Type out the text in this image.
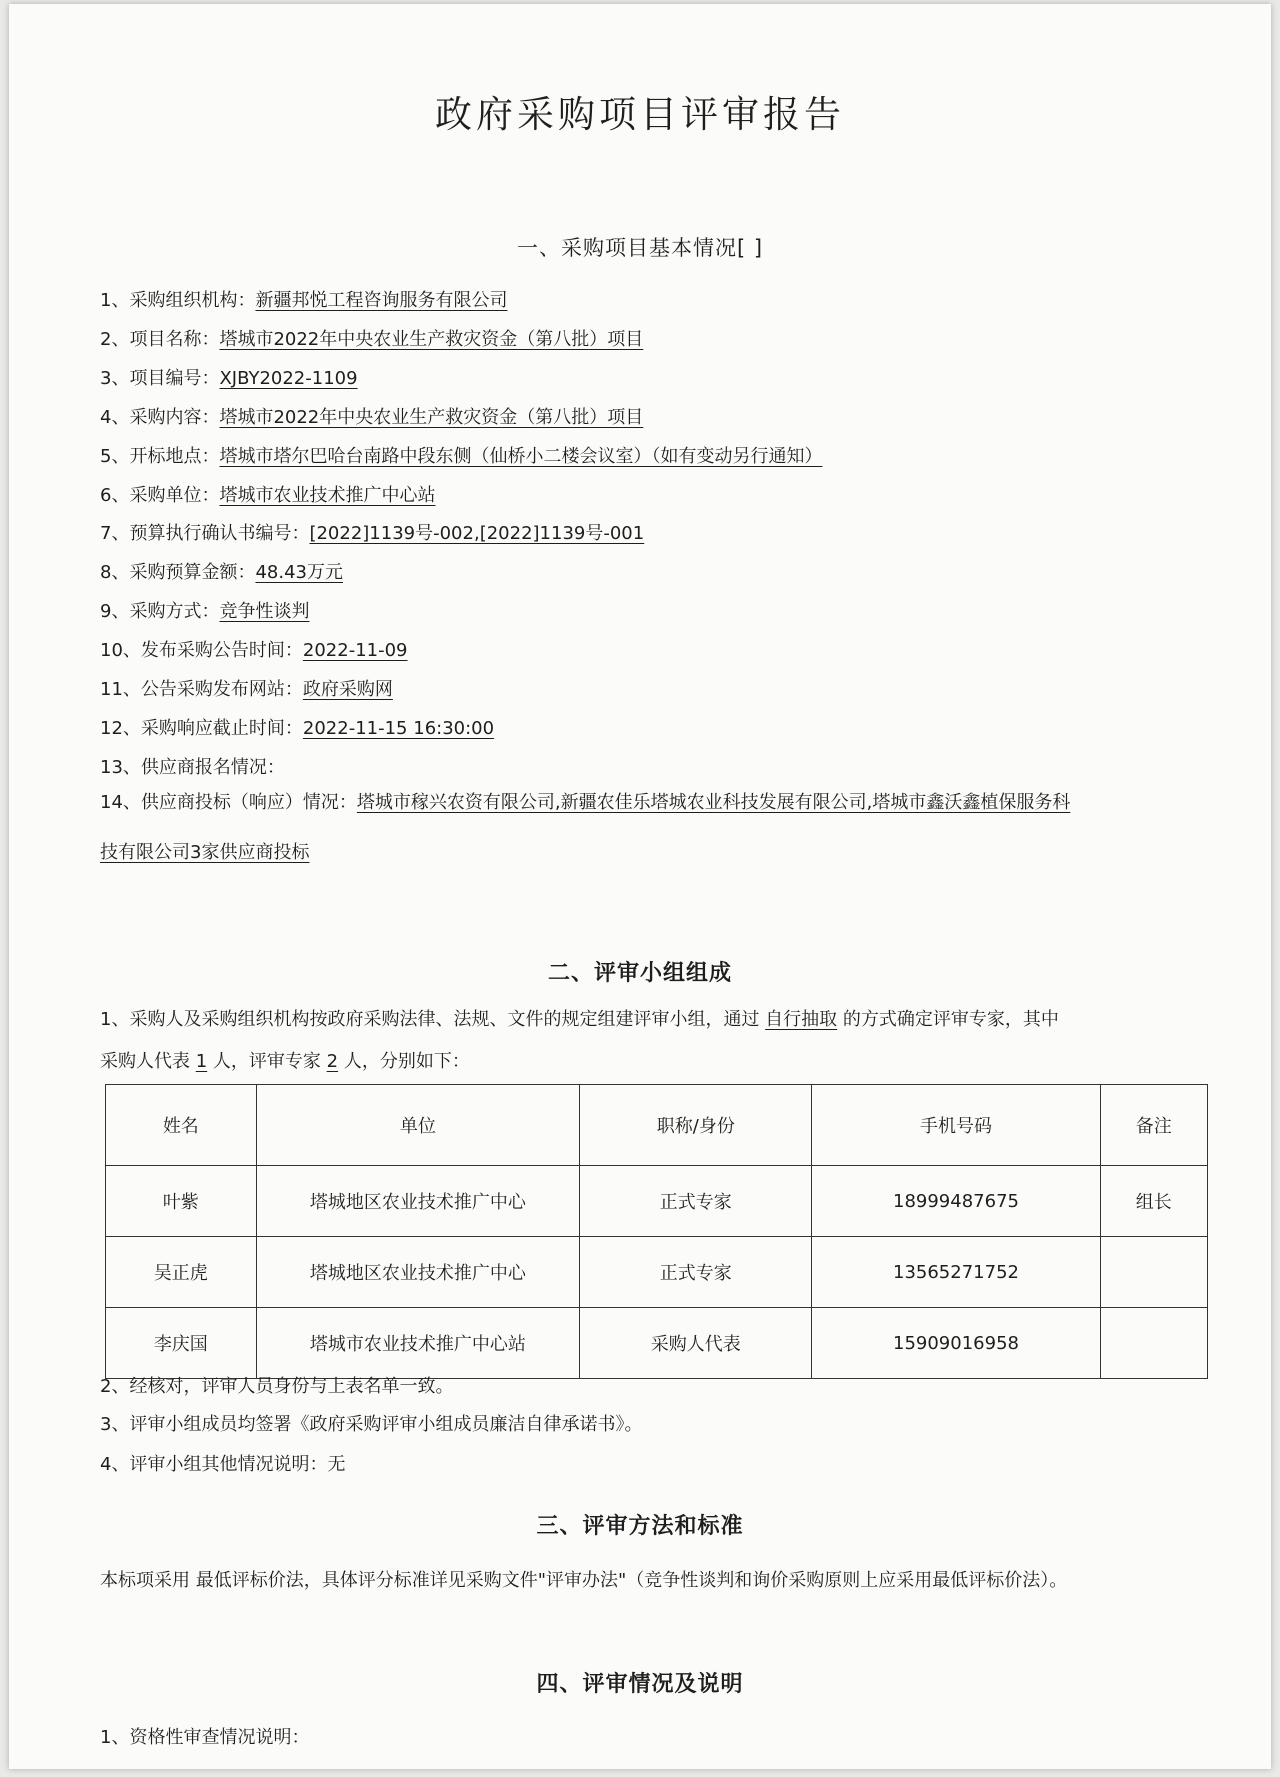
政府采购项目评审报告
一、采购项目基本情况[ ]
1、采购组织机构：新疆邦悦工程咨询服务有限公司
2、项目名称：塔城市2022年中央农业生产救灾资金（第八批）项目
3、项目编号：XJBY2022-1109
4、采购内容：塔城市2022年中央农业生产救灾资金（第八批）项目
5、开标地点：塔城市塔尔巴哈台南路中段东侧（仙桥小二楼会议室）（如有变动另行通知）
6、采购单位：塔城市农业技术推广中心站
7、预算执行确认书编号：[2022]1139号-002,[2022]1139号-001
8、采购预算金额：48.43万元
9、采购方式：竞争性谈判
10、发布采购公告时间：2022-11-09
11、公告采购发布网站：政府采购网
12、采购响应截止时间：2022-11-15 16:30:00
13、供应商报名情况：
14、供应商投标（响应）情况：塔城市稼兴农资有限公司,新疆农佳乐塔城农业科技发展有限公司,塔城市鑫沃鑫植保服务科
技有限公司3家供应商投标
二、评审小组组成
1、采购人及采购组织机构按政府采购法律、法规、文件的规定组建评审小组，通过 自行抽取 的方式确定评审专家，其中
采购人代表 1 人，评审专家 2 人，分别如下：
姓名	单位	职称/身份	手机号码	备注
叶紫	塔城地区农业技术推广中心	正式专家	18999487675	组长
吴正虎	塔城地区农业技术推广中心	正式专家	13565271752	
李庆国	塔城市农业技术推广中心站	采购人代表	15909016958	
2、经核对，评审人员身份与上表名单一致。
3、评审小组成员均签署《政府采购评审小组成员廉洁自律承诺书》。
4、评审小组其他情况说明：无
三、评审方法和标准
本标项采用 最低评标价法，具体评分标准详见采购文件"评审办法"（竞争性谈判和询价采购原则上应采用最低评标价法）。
四、评审情况及说明
1、资格性审查情况说明：
